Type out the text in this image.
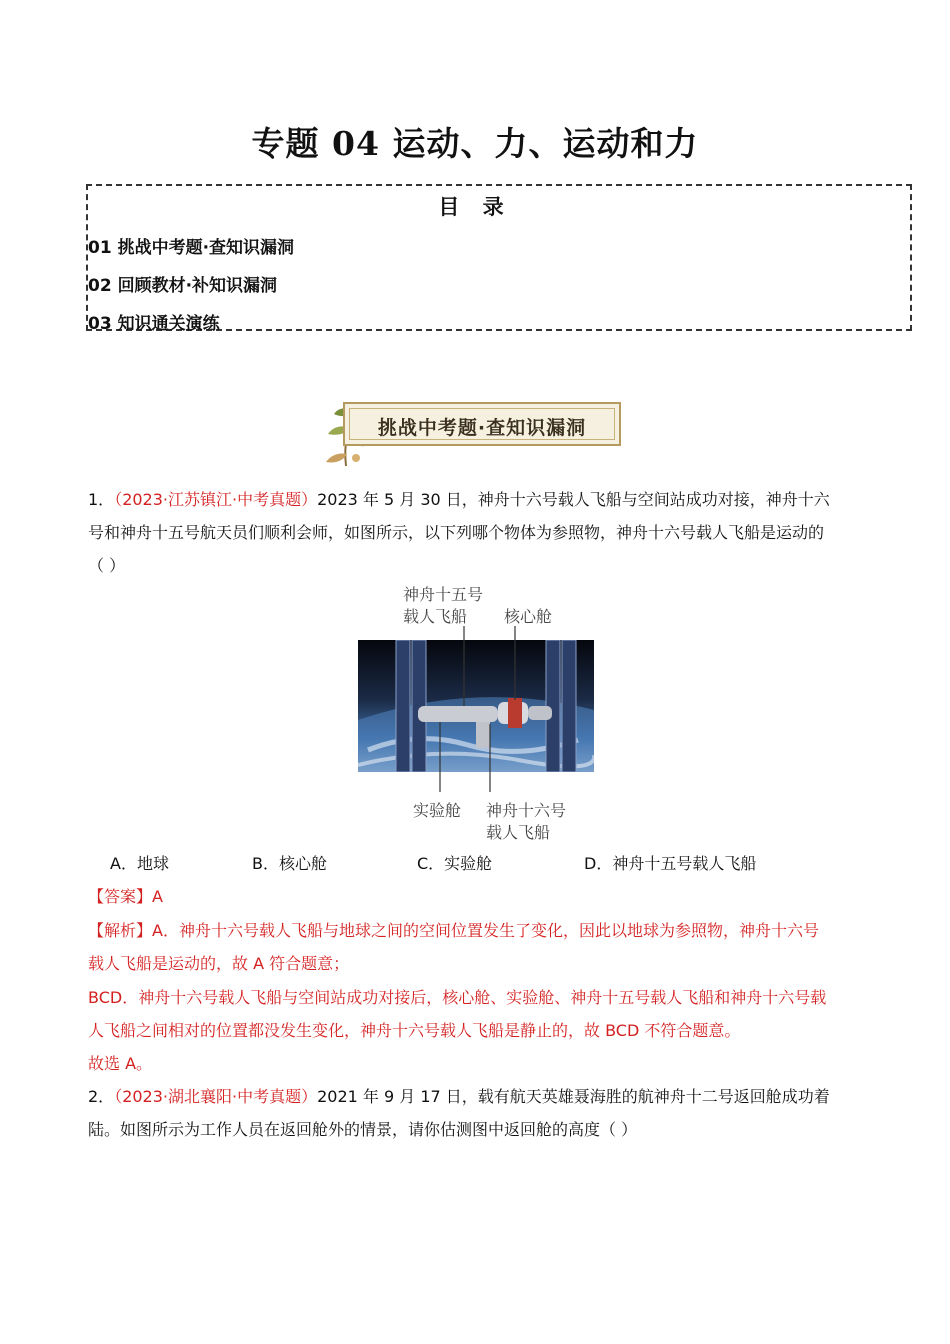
专题 04 运动、力、运动和力
目 录
01 挑战中考题·查知识漏洞
02 回顾教材·补知识漏洞
03 知识通关演练
挑战中考题·查知识漏洞
1．（2023·江苏镇江·中考真题）2023 年 5 月 30 日，神舟十六号载人飞船与空间站成功对接，神舟十六
号和神舟十五号航天员们顺利会师，如图所示，以下列哪个物体为参照物，神舟十六号载人飞船是运动的
（ ）
神舟十五号
载人飞船 核心舱
实验舱 神舟十六号
载人飞船
A．地球	B．核心舱	C．实验舱	D．神舟十五号载人飞船
【答案】A
【解析】A．神舟十六号载人飞船与地球之间的空间位置发生了变化，因此以地球为参照物，神舟十六号
载人飞船是运动的，故 A 符合题意；
BCD．神舟十六号载人飞船与空间站成功对接后，核心舱、实验舱、神舟十五号载人飞船和神舟十六号载
人飞船之间相对的位置都没发生变化，神舟十六号载人飞船是静止的，故 BCD 不符合题意。
故选 A。
2．（2023·湖北襄阳·中考真题）2021 年 9 月 17 日，载有航天英雄聂海胜的航神舟十二号返回舱成功着
陆。如图所示为工作人员在返回舱外的情景，请你估测图中返回舱的高度（ ）
